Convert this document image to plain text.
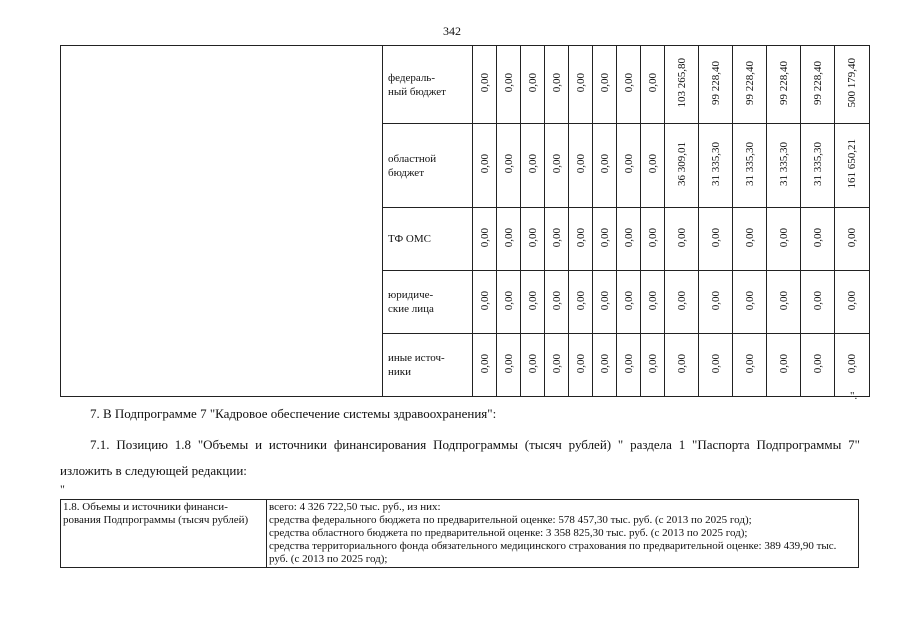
342
	федераль-
ный бюджет	0,00	0,00	0,00	0,00	0,00	0,00	0,00	0,00	103 265,80	99 228,40	99 228,40	99 228,40	99 228,40	500 179,40
	областной
бюджет	0,00	0,00	0,00	0,00	0,00	0,00	0,00	0,00	36 309,01	31 335,30	31 335,30	31 335,30	31 335,30	161 650,21
	ТФ ОМС	0,00	0,00	0,00	0,00	0,00	0,00	0,00	0,00	0,00	0,00	0,00	0,00	0,00	0,00
	юридиче-
ские лица	0,00	0,00	0,00	0,00	0,00	0,00	0,00	0,00	0,00	0,00	0,00	0,00	0,00	0,00
	иные источ-
ники	0,00	0,00	0,00	0,00	0,00	0,00	0,00	0,00	0,00	0,00	0,00	0,00	0,00	0,00
".
7. В Подпрограмме 7 "Кадровое обеспечение системы здравоохранения":
7.1. Позицию 1.8 "Объемы и источники финансирования Подпрограммы (тысяч рублей) " раздела 1 "Паспорта Подпрограммы 7" изложить в следующей редакции:
"
1.8. Объемы и источники финанси-рования Подпрограммы (тысяч рублей)	
всего: 4 326 722,50 тыс. руб., из них:
средства федерального бюджета по предварительной оценке: 578 457,30 тыс. руб. (с 2013 по 2025 год);
средства областного бюджета по предварительной оценке: 3 358 825,30 тыс. руб. (с 2013 по 2025 год);
средства территориального фонда обязательного медицинского страхования по предварительной оценке: 389 439,90 тыс. руб. (с 2013 по 2025 год);
